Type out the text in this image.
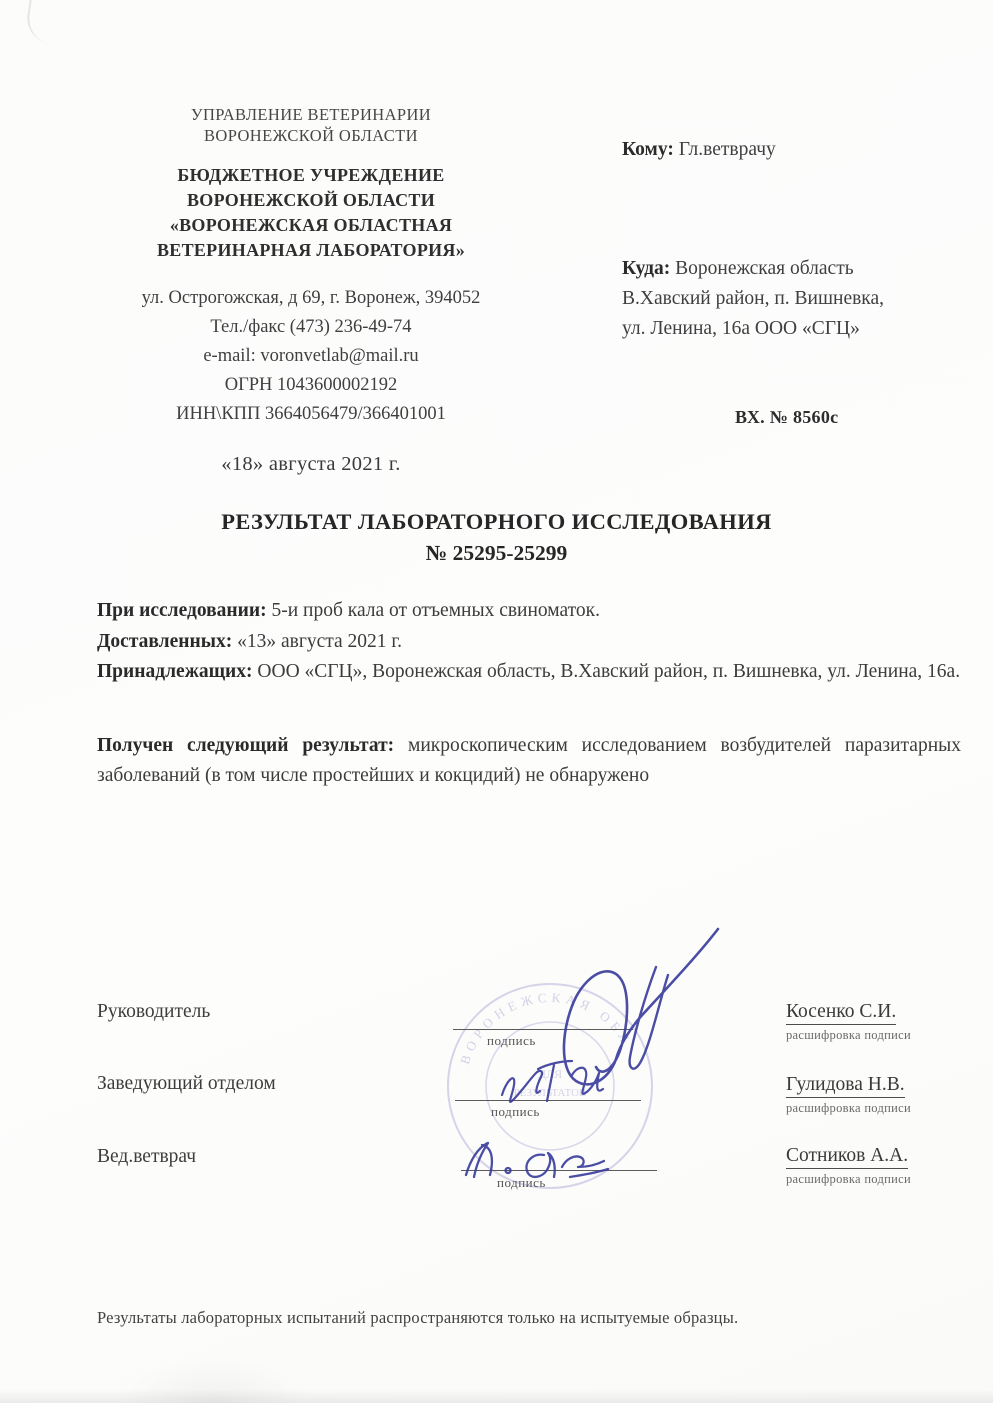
УПРАВЛЕНИЕ ВЕТЕРИНАРИИ
ВОРОНЕЖСКОЙ ОБЛАСТИ
БЮДЖЕТНОЕ УЧРЕЖДЕНИЕ
ВОРОНЕЖСКОЙ ОБЛАСТИ
«ВОРОНЕЖСКАЯ ОБЛАСТНАЯ
ВЕТЕРИНАРНАЯ ЛАБОРАТОРИЯ»
ул. Острогожская, д 69, г. Воронеж, 394052
Тел./факс (473) 236-49-74
e-mail: voronvetlab@mail.ru
ОГРН 1043600002192
ИНН\КПП 3664056479/366401001
«18» августа 2021 г.
Кому: Гл.ветврачу
Куда: Воронежская область
В.Хавский район, п. Вишневка,
ул. Ленина, 16а ООО «СГЦ»
ВХ. № 8560с
РЕЗУЛЬТАТ ЛАБОРАТОРНОГО ИССЛЕДОВАНИЯ
№ 25295-25299

При исследовании: 5-и проб кала от отъемных свиноматок.

Доставленных: «13» августа 2021 г.

Принадлежащих: ООО «СГЦ», Воронежская область, В.Хавский район, п. Вишневка, ул. Ленина, 16а.

Получен следующий результат: микроскопическим исследованием возбудителей паразитарных заболеваний (в том числе простейших и кокцидий) не обнаружено

ВОРОНЕЖСКАЯ ОБЛ
ДЛЯ
РЕЗУЛЬТАТОВ
Руководитель
Заведующий отделом
Вед.ветврач
подпись
подпись
подпись
Косенко С.И.
расшифровка подписи
Гулидова Н.В.
расшифровка подписи
Сотников А.А.
расшифровка подписи
Результаты лабораторных испытаний распространяются только на испытуемые образцы.
